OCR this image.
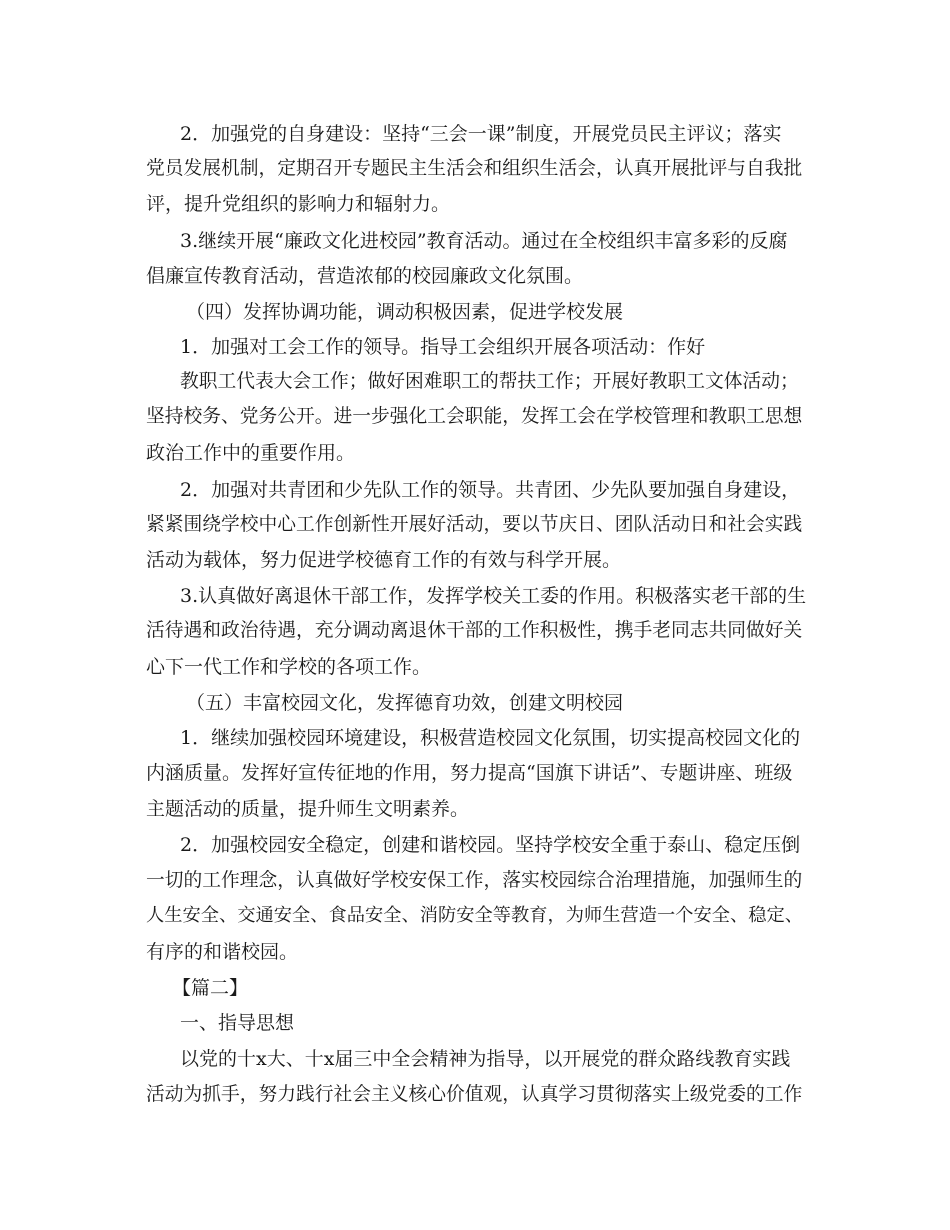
2．加强党的自身建设：坚持“三会一课”制度，开展党员民主评议；落实
党员发展机制，定期召开专题民主生活会和组织生活会，认真开展批评与自我批
评，提升党组织的影响力和辐射力。
3.继续开展“廉政文化进校园”教育活动。通过在全校组织丰富多彩的反腐
倡廉宣传教育活动，营造浓郁的校园廉政文化氛围。
（四）发挥协调功能，调动积极因素，促进学校发展
1．加强对工会工作的领导。指导工会组织开展各项活动：作好
教职工代表大会工作；做好困难职工的帮扶工作；开展好教职工文体活动；
坚持校务、党务公开。进一步强化工会职能，发挥工会在学校管理和教职工思想
政治工作中的重要作用。
2．加强对共青团和少先队工作的领导。共青团、少先队要加强自身建设，
紧紧围绕学校中心工作创新性开展好活动，要以节庆日、团队活动日和社会实践
活动为载体，努力促进学校德育工作的有效与科学开展。
3.认真做好离退休干部工作，发挥学校关工委的作用。积极落实老干部的生
活待遇和政治待遇，充分调动离退休干部的工作积极性，携手老同志共同做好关
心下一代工作和学校的各项工作。
（五）丰富校园文化，发挥德育功效，创建文明校园
1．继续加强校园环境建设，积极营造校园文化氛围，切实提高校园文化的
内涵质量。发挥好宣传征地的作用，努力提高“国旗下讲话”、专题讲座、班级
主题活动的质量，提升师生文明素养。
2．加强校园安全稳定，创建和谐校园。坚持学校安全重于泰山、稳定压倒
一切的工作理念，认真做好学校安保工作，落实校园综合治理措施，加强师生的
人生安全、交通安全、食品安全、消防安全等教育，为师生营造一个安全、稳定、
有序的和谐校园。
【篇二】
一、指导思想
以党的十x大、十x届三中全会精神为指导，以开展党的群众路线教育实践
活动为抓手，努力践行社会主义核心价值观，认真学习贯彻落实上级党委的工作
